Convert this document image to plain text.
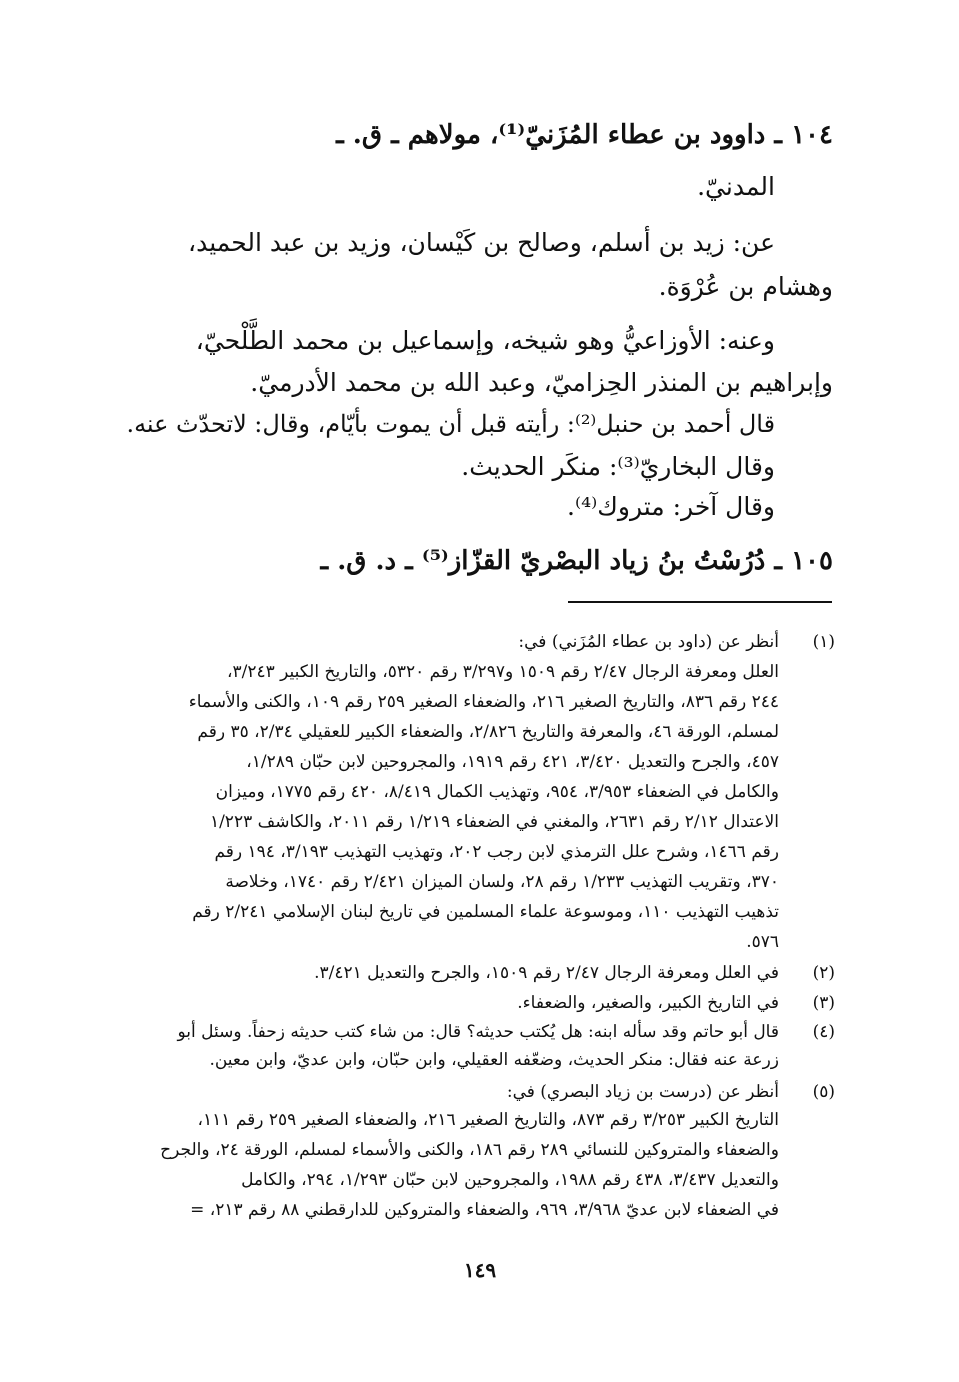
١٠٤ ـ داوود بن عطاء المُزَنيّ⁽¹⁾، مولاهم ـ ق. ـ
المدنيّ.
عن: زيد بن أسلم، وصالح بن كَيْسان، وزيد بن عبد الحميد،
وهشام بن عُرْوَة.
وعنه: الأوزاعيُّ وهو شيخه، وإسماعيل بن محمد الطَّلْحيّ،
وإبراهيم بن المنذر الحِزاميّ، وعبد الله بن محمد الأدرميّ.
قال أحمد بن حنبل⁽²⁾: رأيته قبل أن يموت بأيّام، وقال: لاتحدّث عنه.
وقال البخاريّ⁽³⁾: منكَر الحديث.
وقال آخر: متروك⁽⁴⁾.
١٠٥ ـ دُرُسْتُ بنُ زياد البصْريّ القزّاز⁽⁵⁾ ـ د. ق. ـ
(١)
أنظر عن (داود بن عطاء المُزَني) في:
العلل ومعرفة الرجال ٢/٤٧ رقم ١٥٠٩ و٣/٢٩٧ رقم ٥٣٢٠، والتاريخ الكبير ٣/٢٤٣،
٢٤٤ رقم ٨٣٦، والتاريخ الصغير ٢١٦، والضعفاء الصغير ٢٥٩ رقم ١٠٩، والكنى والأسماء
لمسلم، الورقة ٤٦، والمعرفة والتاريخ ٢/٨٢٦، والضعفاء الكبير للعقيلي ٢/٣٤، ٣٥ رقم
٤٥٧، والجرح والتعديل ٣/٤٢٠، ٤٢١ رقم ١٩١٩، والمجروحين لابن حبّان ١/٢٨٩،
والكامل في الضعفاء ٣/٩٥٣، ٩٥٤، وتهذيب الكمال ٨/٤١٩، ٤٢٠ رقم ١٧٧٥، وميزان
الاعتدال ٢/١٢ رقم ٢٦٣١، والمغني في الضعفاء ١/٢١٩ رقم ٢٠١١، والكاشف ١/٢٢٣
رقم ١٤٦٦، وشرح علل الترمذي لابن رجب ٢٠٢، وتهذيب التهذيب ٣/١٩٣، ١٩٤ رقم
٣٧٠، وتقريب التهذيب ١/٢٣٣ رقم ٢٨، ولسان الميزان ٢/٤٢١ رقم ١٧٤٠، وخلاصة
تذهيب التهذيب ١١٠، وموسوعة علماء المسلمين في تاريخ لبنان الإسلامي ٢/٢٤١ رقم
٥٧٦.
(٢)
في العلل ومعرفة الرجال ٢/٤٧ رقم ١٥٠٩، والجرح والتعديل ٣/٤٢١.
(٣)
في التاريخ الكبير، والصغير، والضعفاء.
(٤)
قال أبو حاتم وقد سأله ابنه: هل يُكتب حديثه؟ قال: من شاء كتب حديثه زحفاً. وسئل أبو
زرعة عنه فقال: منكر الحديث، وضعّفه العقيلي، وابن حبّان، وابن عديّ، وابن معين.
(٥)
أنظر عن (درست بن زياد البصري) في:
التاريخ الكبير ٣/٢٥٣ رقم ٨٧٣، والتاريخ الصغير ٢١٦، والضعفاء الصغير ٢٥٩ رقم ١١١،
والضعفاء والمتروكين للنسائي ٢٨٩ رقم ١٨٦، والكنى والأسماء لمسلم، الورقة ٢٤، والجرح
والتعديل ٣/٤٣٧، ٤٣٨ رقم ١٩٨٨، والمجروحين لابن حبّان ١/٢٩٣، ٢٩٤، والكامل
في الضعفاء لابن عديّ ٣/٩٦٨، ٩٦٩، والضعفاء والمتروكين للدارقطني ٨٨ رقم ٢١٣، =
١٤٩
